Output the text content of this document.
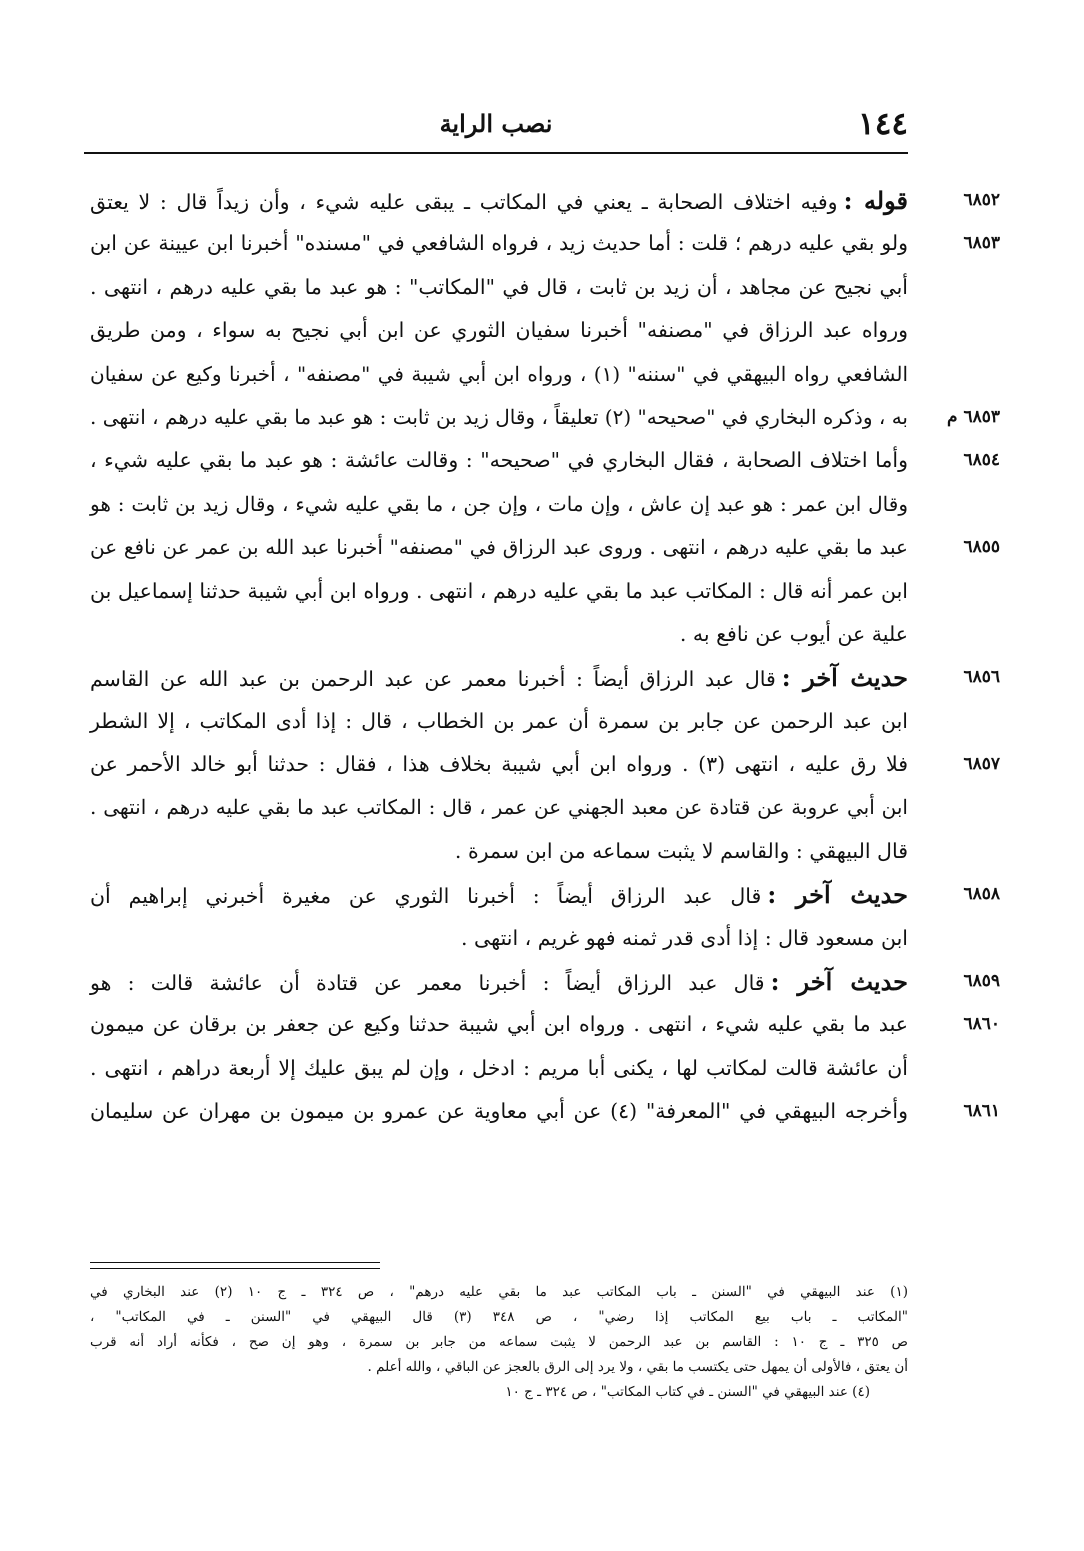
١٤٤
نصب الراية
٦٨٥٢
قوله :وفيه اختلاف الصحابة ـ يعني في المكاتب ـ يبقى عليه شيء ، وأن زيداً قال : لا يعتق
٦٨٥٣
ولو بقي عليه درهم ؛ قلت : أما حديث زيد ، فرواه الشافعي في "مسنده" أخبرنا ابن عيينة عن ابن
أبي نجيح عن مجاهد ، أن زيد بن ثابت ، قال في "المكاتب" : هو عبد ما بقي عليه درهم ، انتهى .
ورواه عبد الرزاق في "مصنفه" أخبرنا سفيان الثوري عن ابن أبي نجيح به سواء ، ومن طريق
الشافعي رواه البيهقي في "سننه" (١) ، ورواه ابن أبي شيبة في "مصنفه" ، أخبرنا وكيع عن سفيان
٦٨٥٣ م
به ، وذكره البخاري في "صحيحه" (٢) تعليقاً ، وقال زيد بن ثابت : هو عبد ما بقي عليه درهم ، انتهى .
٦٨٥٤
وأما اختلاف الصحابة ، فقال البخاري في "صحيحه" : وقالت عائشة : هو عبد ما بقي عليه شيء ،
وقال ابن عمر : هو عبد إن عاش ، وإن مات ، وإن جن ، ما بقي عليه شيء ، وقال زيد بن ثابت : هو
٦٨٥٥
عبد ما بقي عليه درهم ، انتهى . وروى عبد الرزاق في "مصنفه" أخبرنا عبد الله بن عمر عن نافع عن
ابن عمر أنه قال : المكاتب عبد ما بقي عليه درهم ، انتهى . ورواه ابن أبي شيبة حدثنا إسماعيل بن
علية عن أيوب عن نافع به .
٦٨٥٦
حديث آخر :قال عبد الرزاق أيضاً : أخبرنا معمر عن عبد الرحمن بن عبد الله عن القاسم
ابن عبد الرحمن عن جابر بن سمرة أن عمر بن الخطاب ، قال : إذا أدى المكاتب ، إلا الشطر
٦٨٥٧
فلا رق عليه ، انتهى (٣) . ورواه ابن أبي شيبة بخلاف هذا ، فقال : حدثنا أبو خالد الأحمر عن
ابن أبي عروبة عن قتادة عن معبد الجهني عن عمر ، قال : المكاتب عبد ما بقي عليه درهم ، انتهى .
قال البيهقي : والقاسم لا يثبت سماعه من ابن سمرة .
٦٨٥٨
حديث آخر :قال عبد الرزاق أيضاً : أخبرنا الثوري عن مغيرة أخبرني إبراهيم أن
ابن مسعود قال : إذا أدى قدر ثمنه فهو غريم ، انتهى .
٦٨٥٩
حديث آخر :قال عبد الرزاق أيضاً : أخبرنا معمر عن قتادة أن عائشة قالت : هو
٦٨٦٠
عبد ما بقي عليه شيء ، انتهى . ورواه ابن أبي شيبة حدثنا وكيع عن جعفر بن برقان عن ميمون
أن عائشة قالت لمكاتب لها ، يكنى أبا مريم : ادخل ، وإن لم يبق عليك إلا أربعة دراهم ، انتهى .
٦٨٦١
وأخرجه البيهقي في "المعرفة" (٤) عن أبي معاوية عن عمرو بن ميمون بن مهران عن سليمان
(١) عند البيهقي في "السنن ـ باب المكاتب عبد ما بقي عليه درهم" ، ص ٣٢٤ ـ ج ١٠ (٢) عند البخاري في
"المكاتب ـ باب بيع المكاتب إذا رضي" ، ص ٣٤٨ (٣) قال البيهقي في "السنن ـ في المكاتب" ،
ص ٣٢٥ ـ ج ١٠ : القاسم بن عبد الرحمن لا يثبت سماعه من جابر بن سمرة ، وهو إن صح ، فكأنه أراد أنه قرب
أن يعتق ، فالأولى أن يمهل حتى يكتسب ما بقي ، ولا يرد إلى الرق بالعجز عن الباقي ، والله أعلم .
(٤) عند البيهقي في "السنن ـ في كتاب المكاتب" ، ص ٣٢٤ ـ ج ١٠
